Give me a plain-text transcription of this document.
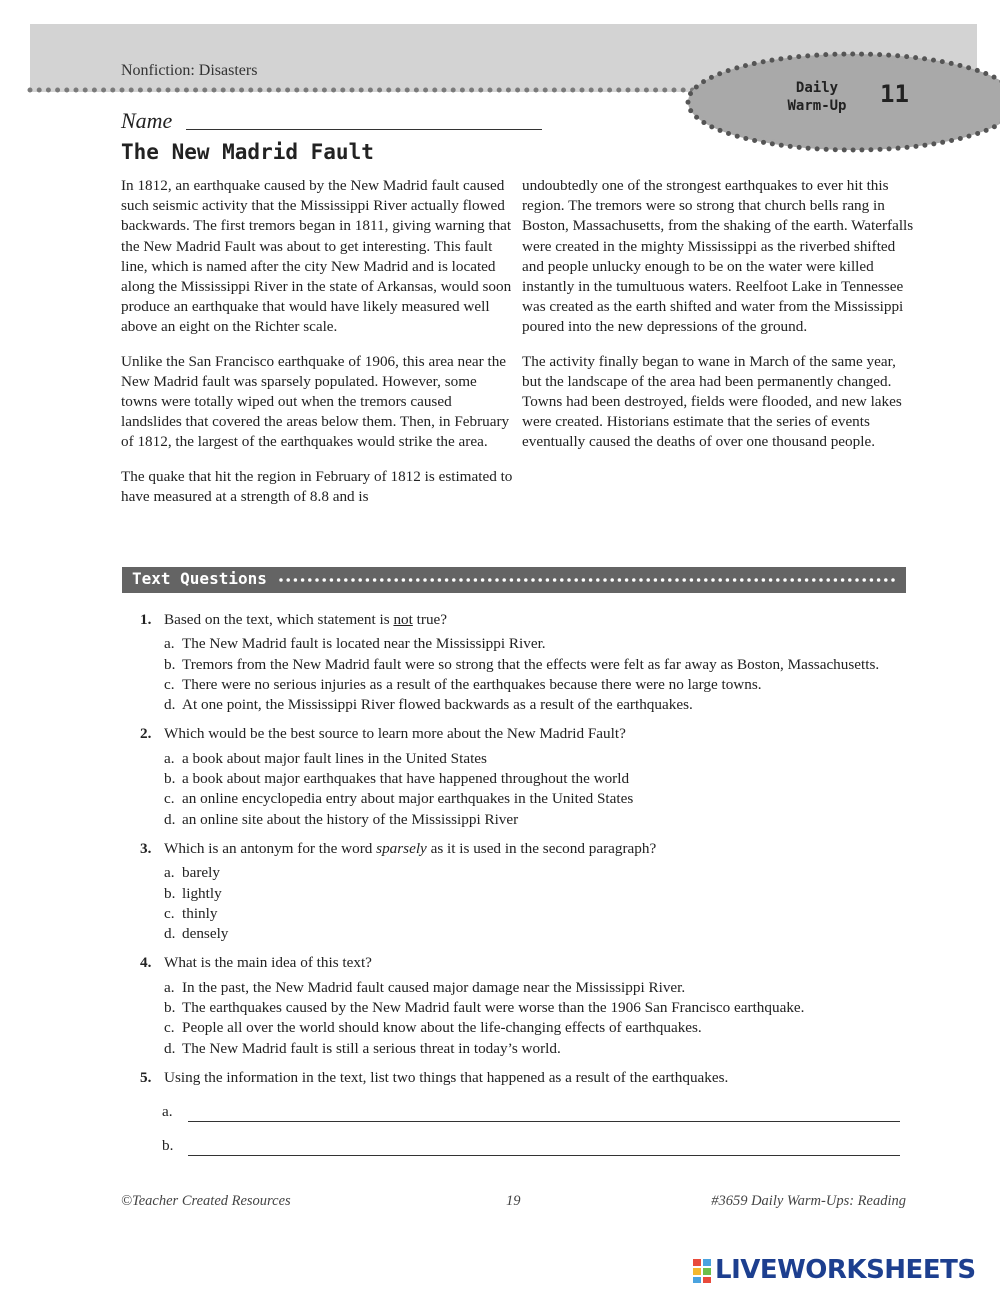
Nonfiction: Disasters
Daily
Warm-Up	11
Name
The New Madrid Fault

In 1812, an earthquake caused by the New Madrid fault caused such seismic activity that the Mississippi River actually flowed backwards. The first tremors began in 1811, giving warning that the New Madrid Fault was about to get interesting. This fault line, which is named after the city New Madrid and is located along the Mississippi River in the state of Arkansas, would soon produce an earthquake that would have likely measured well above an eight on the Richter scale.

Unlike the San Francisco earthquake of 1906, this area near the New Madrid fault was sparsely populated. However, some towns were totally wiped out when the tremors caused landslides that covered the areas below them. Then, in February of 1812, the largest of the earthquakes would strike the area.

The quake that hit the region in February of 1812 is estimated to have measured at a strength of 8.8 and is

undoubtedly one of the strongest earthquakes to ever hit this region. The tremors were so strong that church bells rang in Boston, Massachusetts, from the shaking of the earth. Waterfalls were created in the mighty Mississippi as the riverbed shifted and people unlucky enough to be on the water were killed instantly in the tumultuous waters. Reelfoot Lake in Tennessee was created as the earth shifted and water from the Mississippi poured into the new depressions of the ground.

The activity finally began to wane in March of the same year, but the landscape of the area had been permanently changed. Towns had been destroyed, fields were flooded, and new lakes were created. Historians estimate that the series of events eventually caused the deaths of over one thousand people.

Text Questions
1. Based on the text, which statement is not true?
a. The New Madrid fault is located near the Mississippi River.
b. Tremors from the New Madrid fault were so strong that the effects were felt as far away as Boston, Massachusetts.
c. There were no serious injuries as a result of the earthquakes because there were no large towns.
d. At one point, the Mississippi River flowed backwards as a result of the earthquakes.
2. Which would be the best source to learn more about the New Madrid Fault?
a. a book about major fault lines in the United States
b. a book about major earthquakes that have happened throughout the world
c. an online encyclopedia entry about major earthquakes in the United States
d. an online site about the history of the Mississippi River
3. Which is an antonym for the word sparsely as it is used in the second paragraph?
a. barely
b. lightly
c. thinly
d. densely
4. What is the main idea of this text?
a. In the past, the New Madrid fault caused major damage near the Mississippi River.
b. The earthquakes caused by the New Madrid fault were worse than the 1906 San Francisco earthquake.
c. People all over the world should know about the life-changing effects of earthquakes.
d. The New Madrid fault is still a serious threat in today’s world.
5. Using the information in the text, list two things that happened as a result of the earthquakes.
a.
b.
©Teacher Created Resources	19	#3659 Daily Warm-Ups: Reading
LIVEWORKSHEETS
